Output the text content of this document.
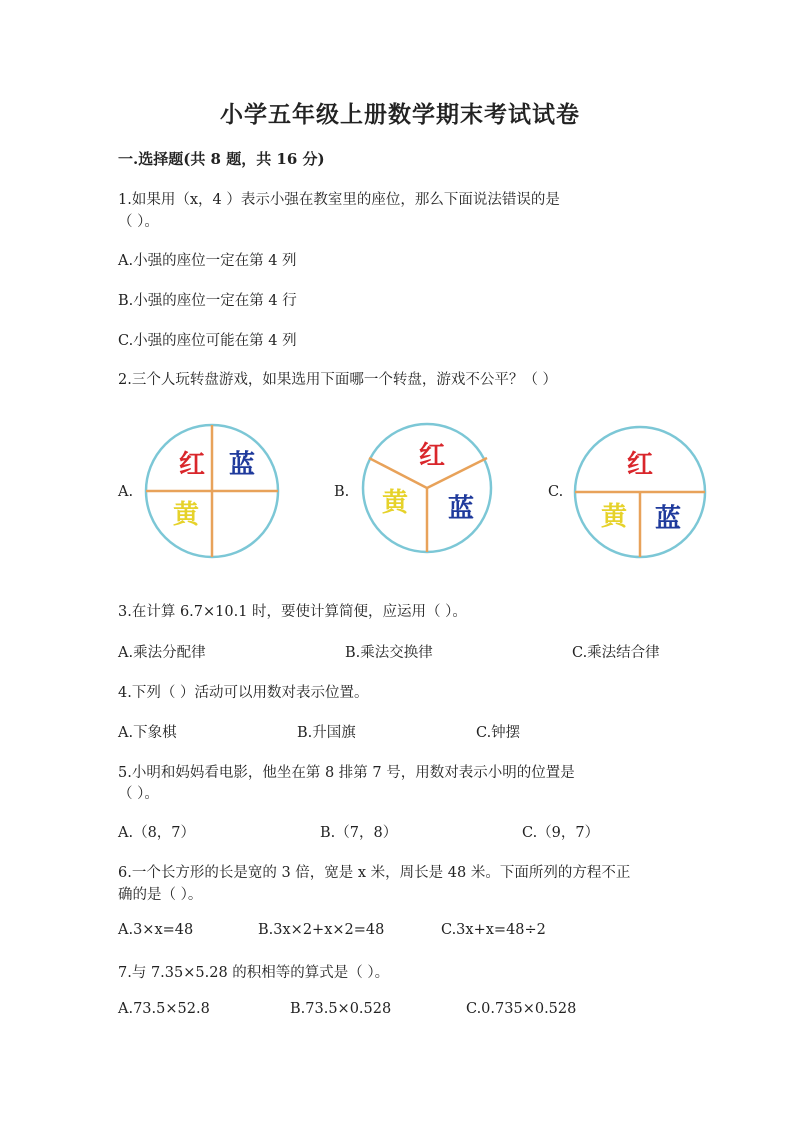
小学五年级上册数学期末考试试卷
一.选择题(共 8 题，共 16 分)
1.如果用（x，4 ）表示小强在教室里的座位，那么下面说法错误的是
（ ）。
A.小强的座位一定在第 4 列
B.小强的座位一定在第 4 行
C.小强的座位可能在第 4 列
2.三个人玩转盘游戏，如果选用下面哪一个转盘，游戏不公平？（ ）
A.	B.	C.
红 蓝
黄
红
黄 蓝
红
黄 蓝
3.在计算 6.7×10.1 时，要使计算简便，应运用（ ）。
A.乘法分配律	B.乘法交换律	C.乘法结合律
4.下列（ ）活动可以用数对表示位置。
A.下象棋	B.升国旗	C.钟摆
5.小明和妈妈看电影，他坐在第 8 排第 7 号，用数对表示小明的位置是
（ ）。
A.（8，7）	B.（7，8）	C.（9，7）
6.一个长方形的长是宽的 3 倍，宽是 x 米，周长是 48 米。下面所列的方程不正
确的是（ ）。
A.3×x=48	B.3x×2+x×2=48	C.3x+x=48÷2
7.与 7.35×5.28 的积相等的算式是（ ）。
A.73.5×52.8	B.73.5×0.528	C.0.735×0.528
